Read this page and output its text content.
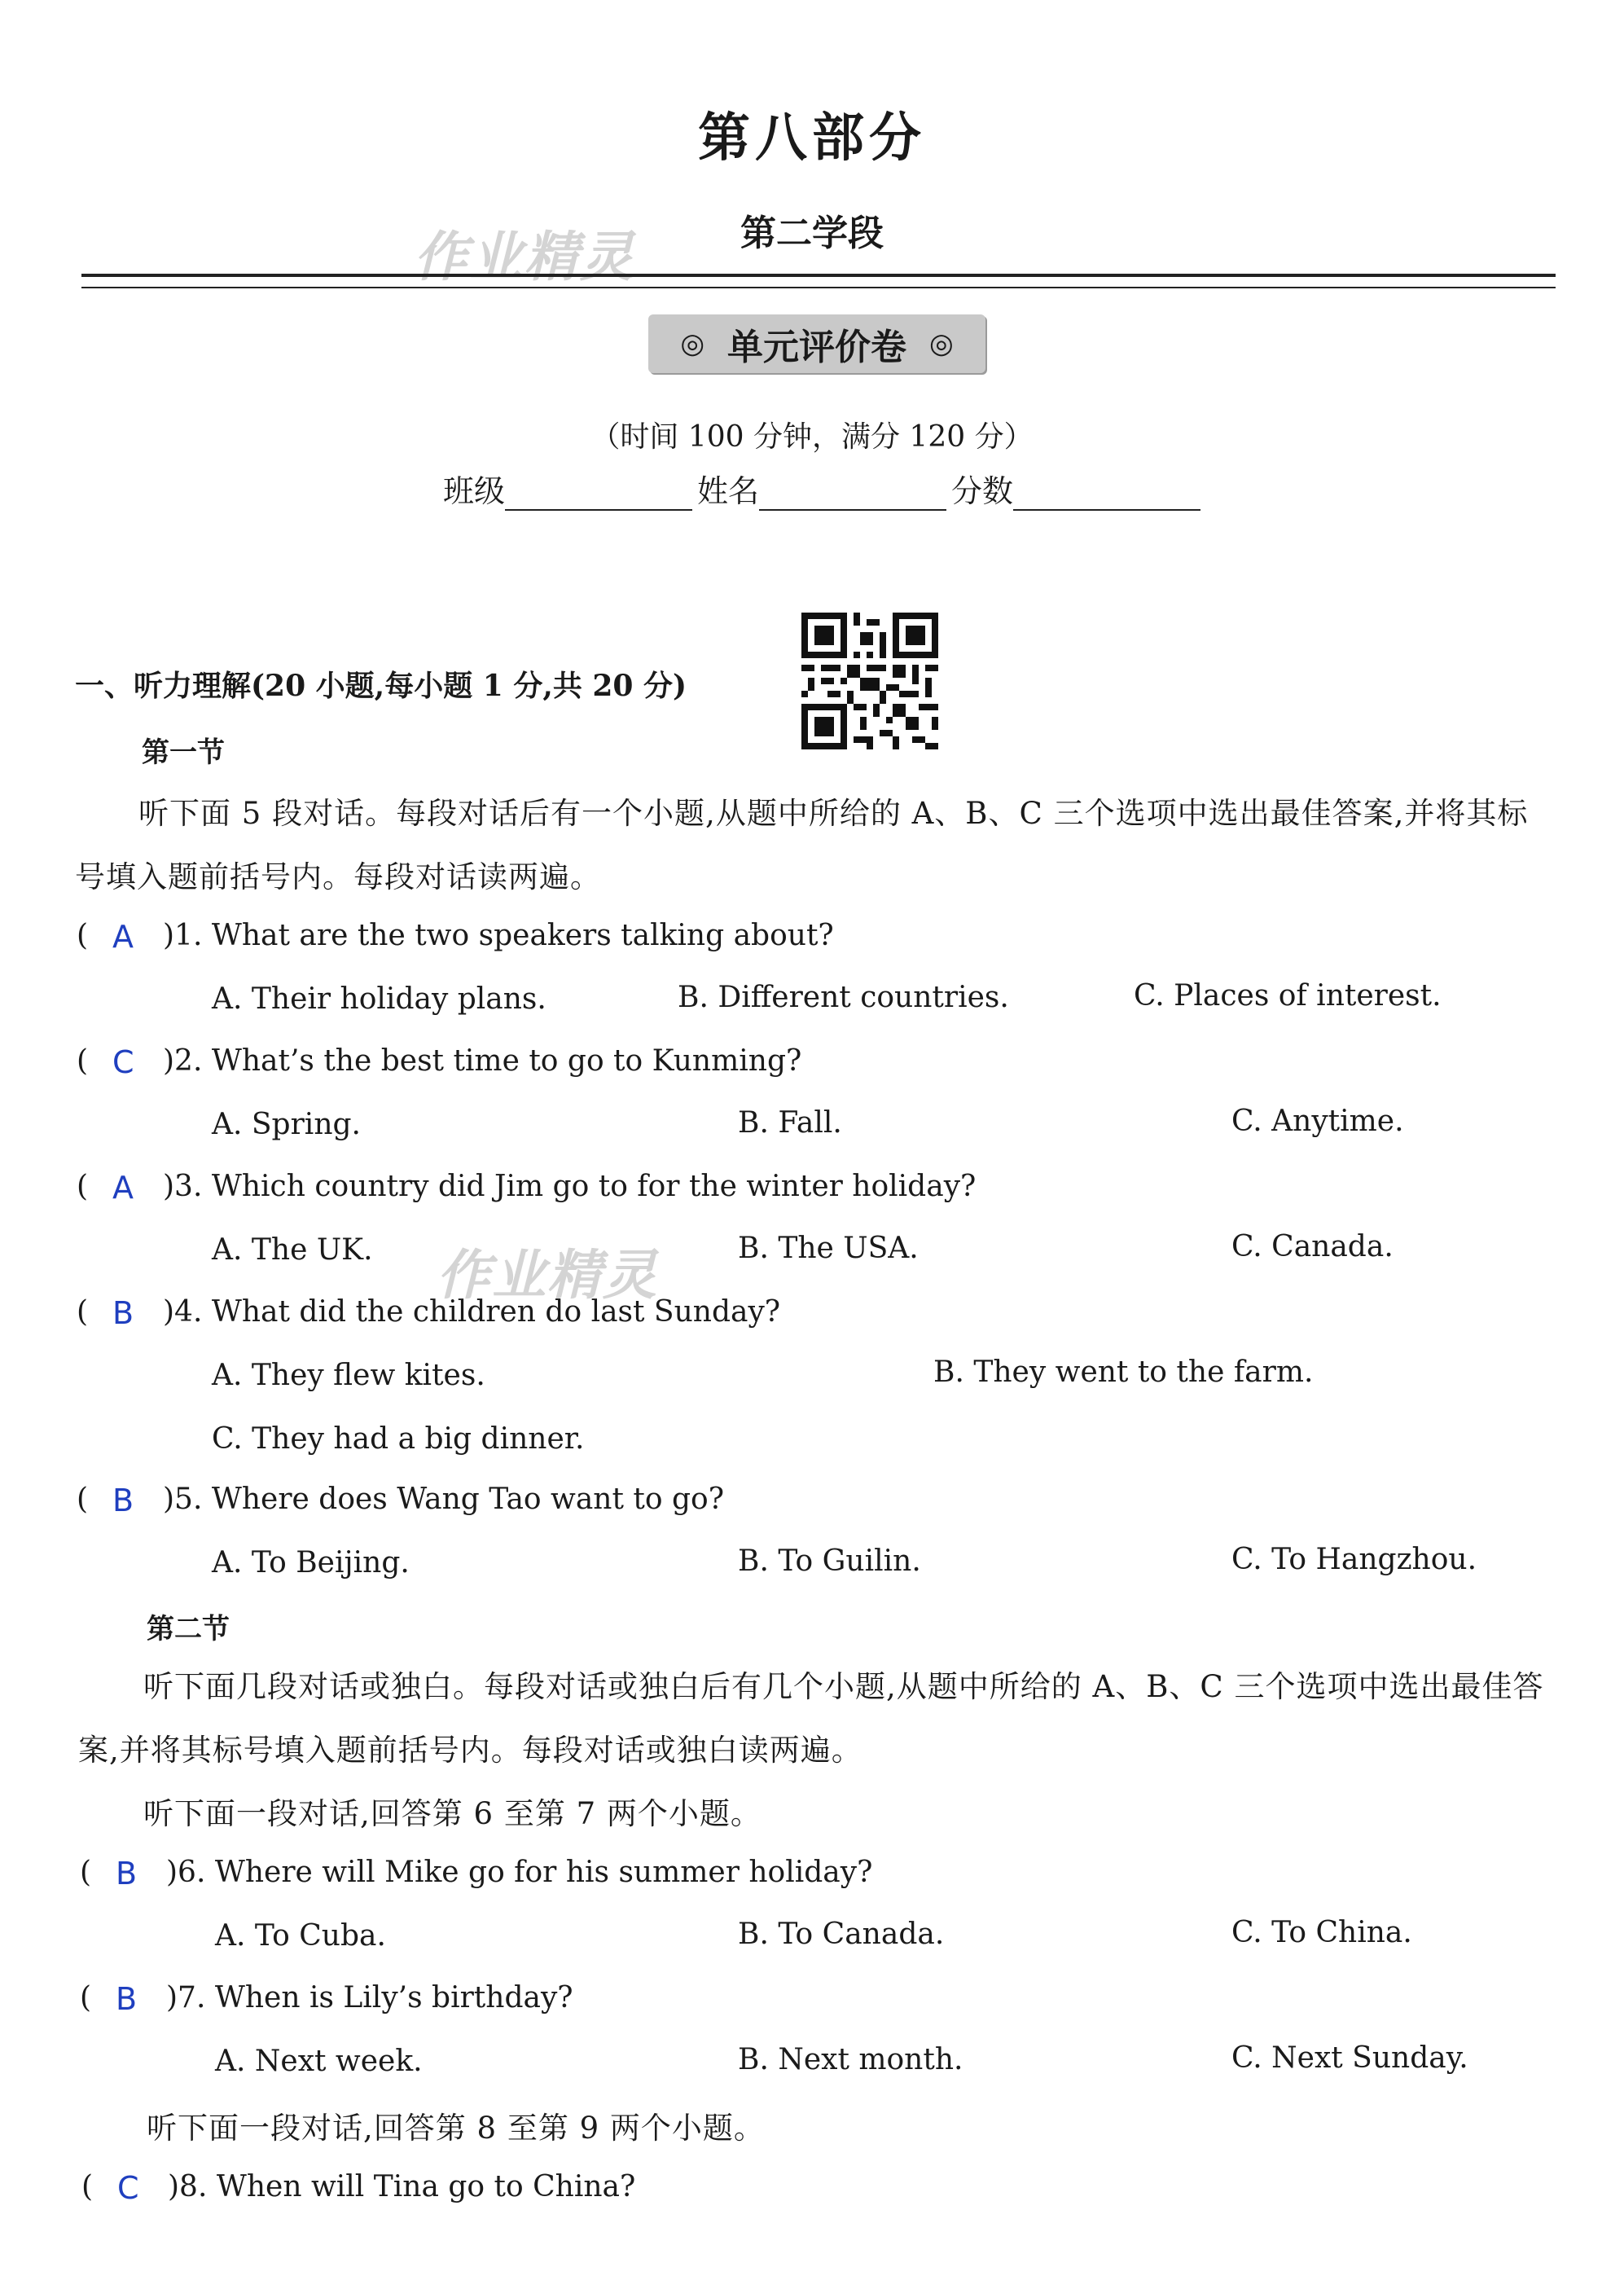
第八部分
作业精灵	第二学段
◎ 单元评价卷 ◎
（时间 100 分钟，满分 120 分）
班级	姓名	分数
一、听力理解(20 小题,每小题 1 分,共 20 分)
第一节
听下面 5 段对话。每段对话后有一个小题,从题中所给的 A、B、C 三个选项中选出最佳答案,并将其标
号填入题前括号内。每段对话读两遍。
( A )1. What are the two speakers talking about?
A. Their holiday plans.	B. Different countries.	C. Places of interest.
( C )2. What’s the best time to go to Kunming?
A. Spring.	B. Fall.	C. Anytime.
( A )3. Which country did Jim go to for the winter holiday?
A. The UK. 作业精灵	B. The USA.	C. Canada.
( B )4. What did the children do last Sunday?
A. They flew kites.	B. They went to the farm.
C. They had a big dinner.
( B )5. Where does Wang Tao want to go?
A. To Beijing.	B. To Guilin.	C. To Hangzhou.
第二节
听下面几段对话或独白。每段对话或独白后有几个小题,从题中所给的 A、B、C 三个选项中选出最佳答
案,并将其标号填入题前括号内。每段对话或独白读两遍。
听下面一段对话,回答第 6 至第 7 两个小题。
( B )6. Where will Mike go for his summer holiday?
A. To Cuba.	B. To Canada.	C. To China.
( B )7. When is Lily’s birthday?
A. Next week.	B. Next month.	C. Next Sunday.
听下面一段对话,回答第 8 至第 9 两个小题。
( C )8. When will Tina go to China?
